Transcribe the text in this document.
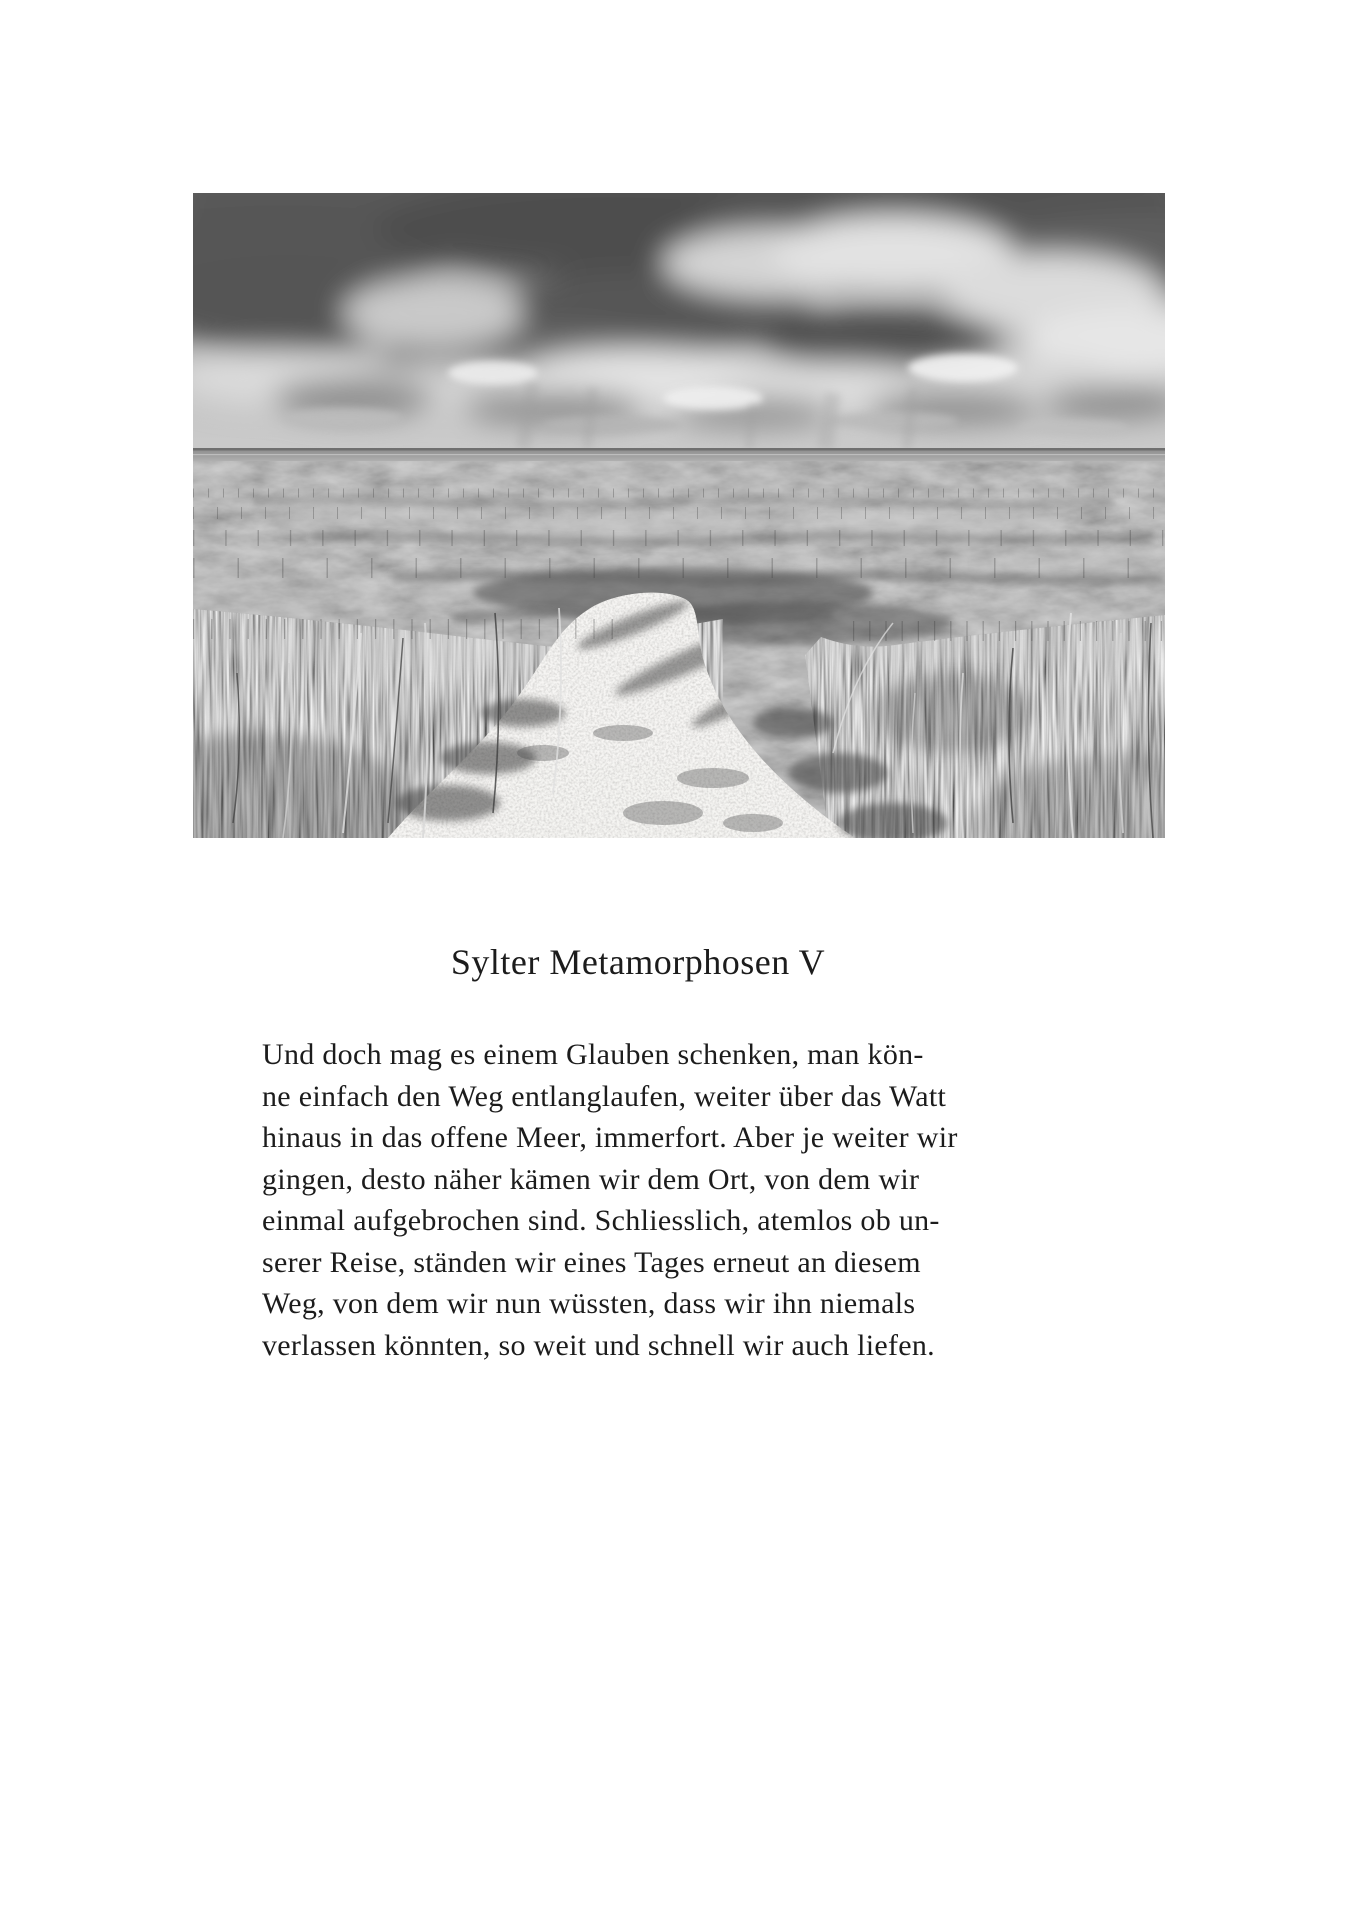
Sylter Metamorphosen V
Und doch mag es einem Glauben schenken, man kön-
ne einfach den Weg entlanglaufen, weiter über das Watt
hinaus in das offene Meer, immerfort. Aber je weiter wir
gingen, desto näher kämen wir dem Ort, von dem wir
einmal aufgebrochen sind. Schliesslich, atemlos ob un-
serer Reise, ständen wir eines Tages erneut an diesem
Weg, von dem wir nun wüssten, dass wir ihn niemals
verlassen könnten, so weit und schnell wir auch liefen.
